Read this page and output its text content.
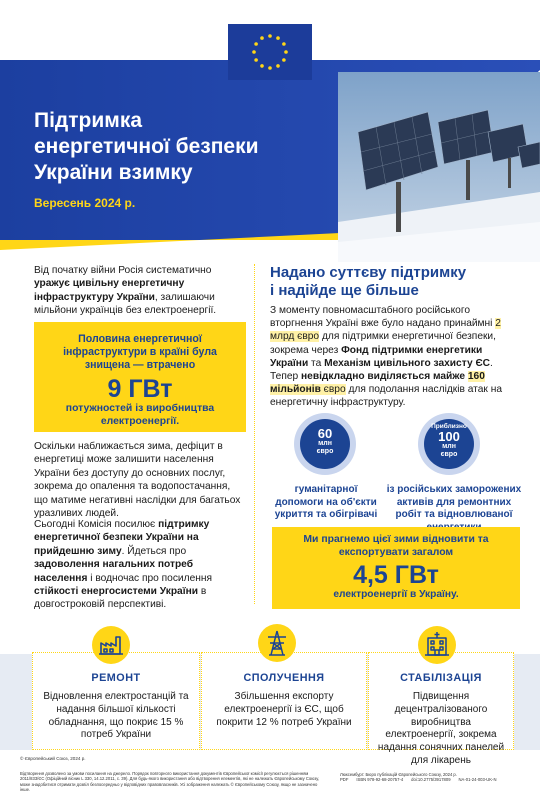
Підтримка
енергетичної безпеки
України взимку
Вересень 2024 р.
Від початку війни Росія систематично уражує цивільну енергетичну інфраструктуру України, залишаючи мільйони українців без електроенергії.
Половина енергетичної інфраструктури в країні була знищена — втрачено
9 ГВт
потужностей із виробництва електроенергії.
Оскільки наближається зима, дефіцит в енергетиці може залишити населення України без доступу до основних послуг, зокрема до опалення та водопостачання, що матиме негативні наслідки для багатьох уразливих людей.
Сьогодні Комісія посилює підтримку енергетичної безпеки України на прийдешню зиму. Йдеться про задоволення нагальних потреб населення і водночас про посилення стійкості енергосистеми України в довгостроковій перспективі.
Надано суттєву підтримку
і надійде ще більше
З моменту повномасштабного російського вторгнення Україні вже було надано принаймні 2 млрд євро для підтримки енергетичної безпеки, зокрема через Фонд підтримки енергетики України та Механізм цивільного захисту ЄС. Тепер невідкладно виділяється майже 160 мільйонів євро для подолання наслідків атак на енергетичну інфраструктуру.
60
млн
євро
гуманітарної допомоги на об'єкти укриття та обігрівачі
Приблизно
100
млн
євро
із російських заморожених активів для ремонтних робіт та відновлюваної
Ми прагнемо цієї зими відновити та експортувати загалом
4,5 ГВт
електроенергії в Україну.
РЕМОНТ
Відновлення електростанцій та надання більшої кількості обладнання, що покриє 15 % потреб України
СПОЛУЧЕННЯ
Збільшення експорту електроенергії із ЄС, щоб покрити 12 % потреб України
СТАБІЛІЗАЦІЯ
Підвищення децентралізованого виробництва електроенергії, зокрема надання сонячних панелей для лікарень
© Європейський Союз, 2024 р.
Відтворення дозволено за умови посилання на джерело. Порядок повторного використання документів Європейської комісії регулюється рішенням 2011/833/ЄС (Офіційний вісник L 330, 14.12.2011, с. 39). Для будь-якого використання або відтворення елементів, які не належать Європейському Союзу, може знадобитися отримати дозвіл безпосередньо у відповідних правовласників. Усі зображення належать © Європейському Союзу, якщо не зазначено інше.
Люксембург: Бюро публікацій Європейського Союзу, 2024 р.
PDF ISBN 978-92-68-20757-4 doi:10.2775/3917809 NA-01-24-003-UK-N
